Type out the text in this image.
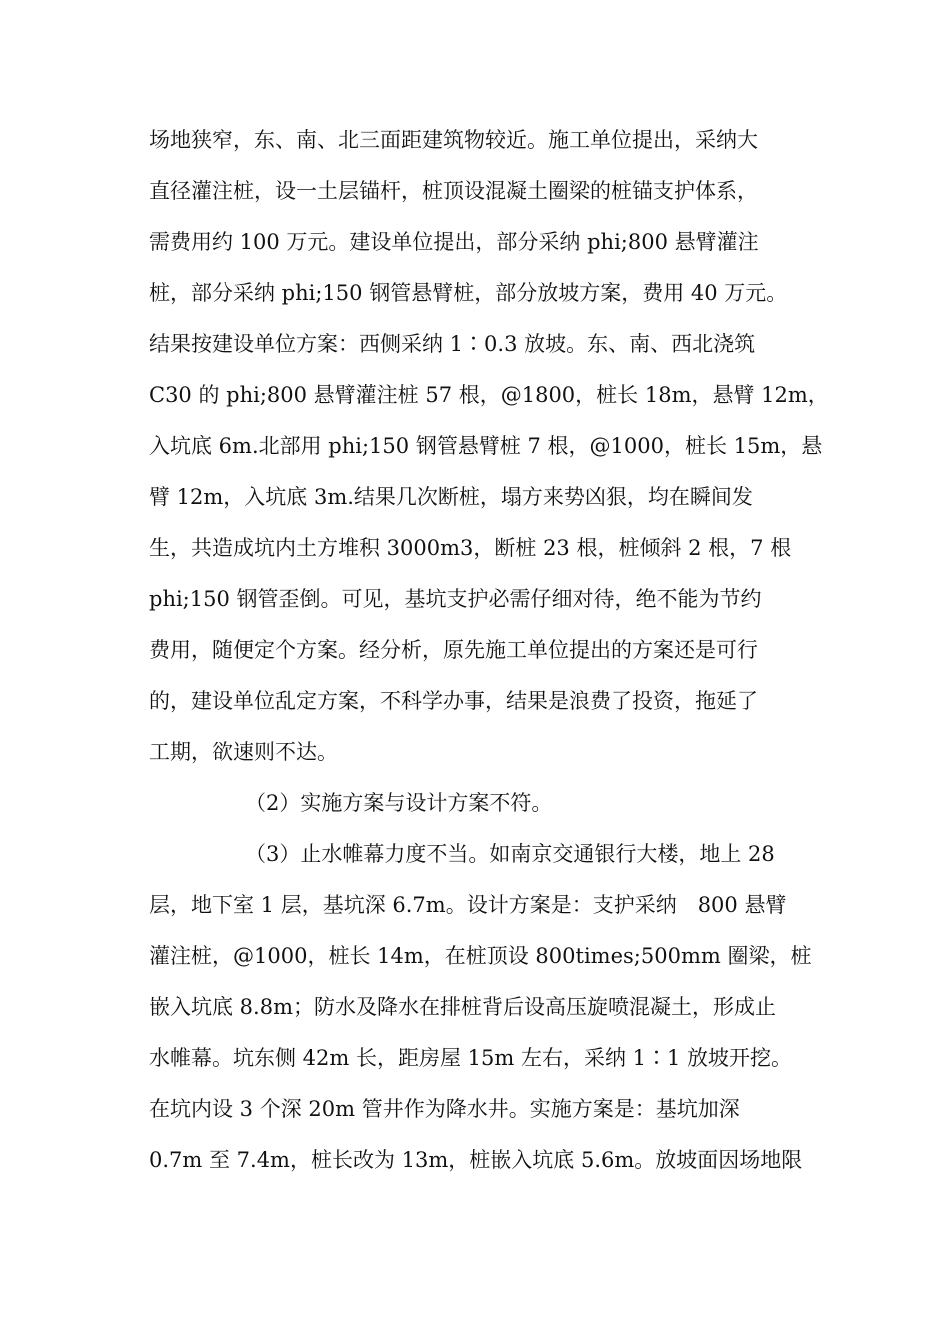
场地狭窄，东、南、北三面距建筑物较近。施工单位提出，采纳大
直径灌注桩，设一土层锚杆，桩顶设混凝土圈梁的桩锚支护体系，
需费用约 100 万元。建设单位提出，部分采纳 phi;800 悬臂灌注
桩，部分采纳 phi;150 钢管悬臂桩，部分放坡方案，费用 40 万元。
结果按建设单位方案：西侧采纳 1∶0.3 放坡。东、南、西北浇筑
C30 的 phi;800 悬臂灌注桩 57 根，@1800，桩长 18m，悬臂 12m，
入坑底 6m.北部用 phi;150 钢管悬臂桩 7 根，@1000，桩长 15m，悬
臂 12m，入坑底 3m.结果几次断桩，塌方来势凶狠，均在瞬间发
生，共造成坑内土方堆积 3000m3，断桩 23 根，桩倾斜 2 根，7 根
phi;150 钢管歪倒。可见，基坑支护必需仔细对待，绝不能为节约
费用，随便定个方案。经分析，原先施工单位提出的方案还是可行
的，建设单位乱定方案，不科学办事，结果是浪费了投资，拖延了
工期，欲速则不达。
（2）实施方案与设计方案不符。
（3）止水帷幕力度不当。如南京交通银行大楼，地上 28
层，地下室 1 层，基坑深 6.7m。设计方案是：支护采纳　800 悬臂
灌注桩，@1000，桩长 14m，在桩顶设 800times;500mm 圈梁，桩
嵌入坑底 8.8m；防水及降水在排桩背后设高压旋喷混凝土，形成止
水帷幕。坑东侧 42m 长，距房屋 15m 左右，采纳 1∶1 放坡开挖。
在坑内设 3 个深 20m 管井作为降水井。实施方案是：基坑加深
0.7m 至 7.4m，桩长改为 13m，桩嵌入坑底 5.6m。放坡面因场地限
